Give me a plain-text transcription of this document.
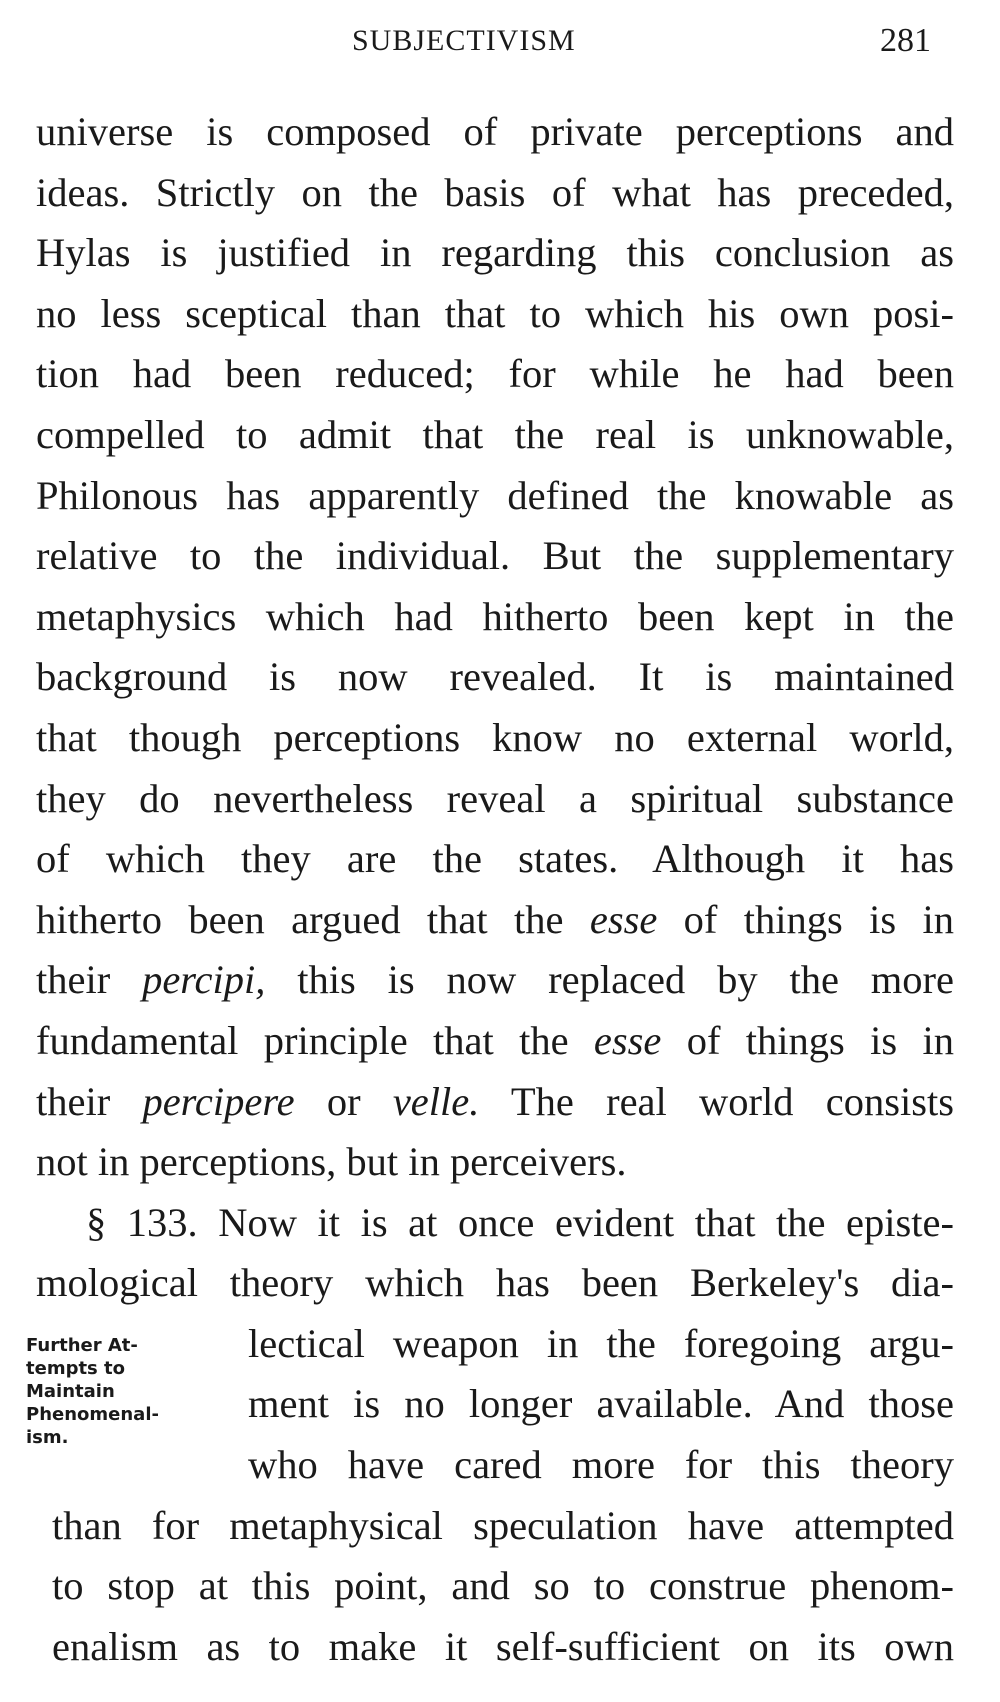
SUBJECTIVISM	281
universe is composed of private perceptions and
ideas. Strictly on the basis of what has preceded,
Hylas is justified in regarding this conclusion as
no less sceptical than that to which his own posi-
tion had been reduced; for while he had been
compelled to admit that the real is unknowable,
Philonous has apparently defined the knowable as
relative to the individual. But the supplementary
metaphysics which had hitherto been kept in the
background is now revealed. It is maintained
that though perceptions know no external world,
they do nevertheless reveal a spiritual substance
of which they are the states. Although it has
hitherto been argued that the esse of things is in
their percipi, this is now replaced by the more
fundamental principle that the esse of things is in
their percipere or velle. The real world consists
not in perceptions, but in perceivers.
§ 133. Now it is at once evident that the episte-
mological theory which has been Berkeley's dia-
Further At-
tempts to
Maintain
Phenomenal-
ism.
lectical weapon in the foregoing argu-
ment is no longer available. And those
who have cared more for this theory
than for metaphysical speculation have attempted
to stop at this point, and so to construe phenom-
enalism as to make it self-sufficient on its own
